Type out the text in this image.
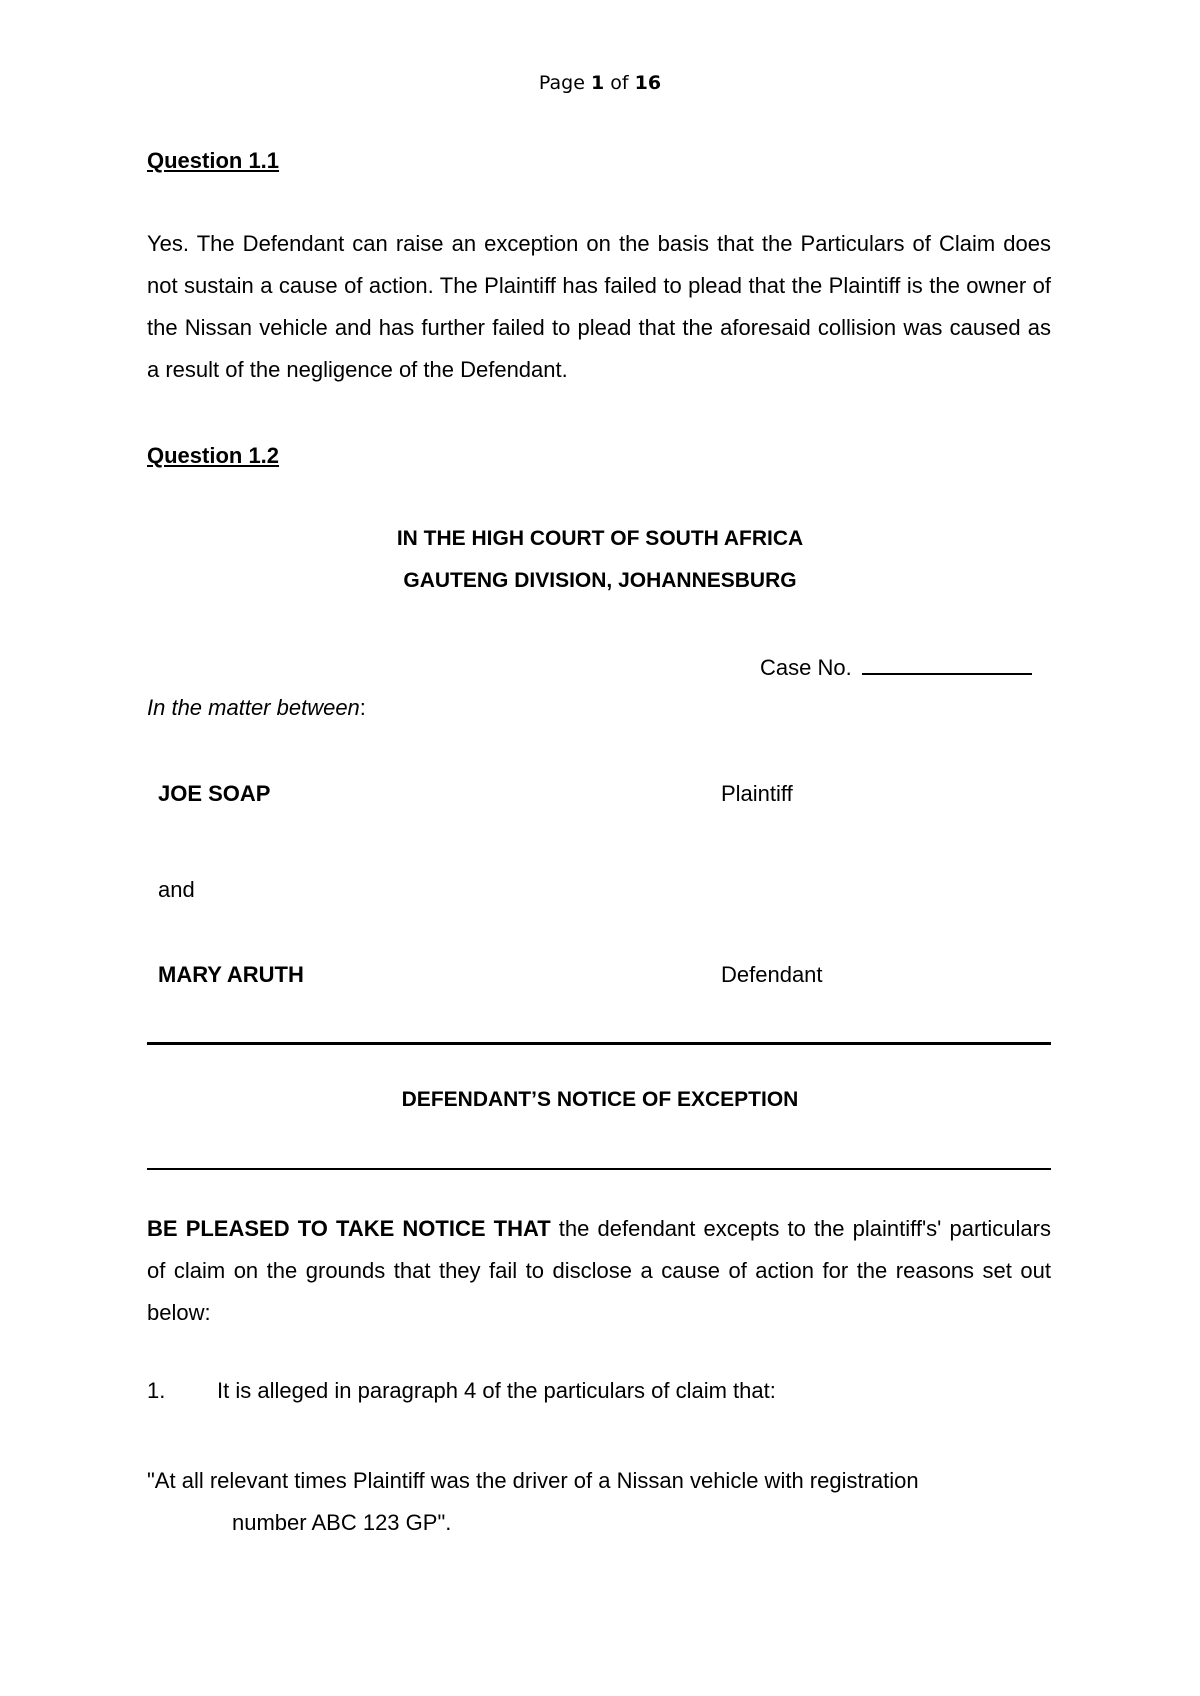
Page 1 of 16
Question 1.1
Yes. The Defendant can raise an exception on the basis that the Particulars of Claim does not sustain a cause of action. The Plaintiff has failed to plead that the Plaintiff is the owner of the Nissan vehicle and has further failed to plead that the aforesaid collision was caused as a result of the negligence of the Defendant.
Question 1.2
IN THE HIGH COURT OF SOUTH AFRICA
GAUTENG DIVISION, JOHANNESBURG
Case No.
In the matter between:
JOE SOAP	Plaintiff
and
MARY ARUTH	Defendant
DEFENDANT’S NOTICE OF EXCEPTION
BE PLEASED TO TAKE NOTICE THAT the defendant excepts to the plaintiff's' particulars of claim on the grounds that they fail to disclose a cause of action for the reasons set out below:
1. It is alleged in paragraph 4 of the particulars of claim that:
"At all relevant times Plaintiff was the driver of a Nissan vehicle with registration
number ABC 123 GP".
